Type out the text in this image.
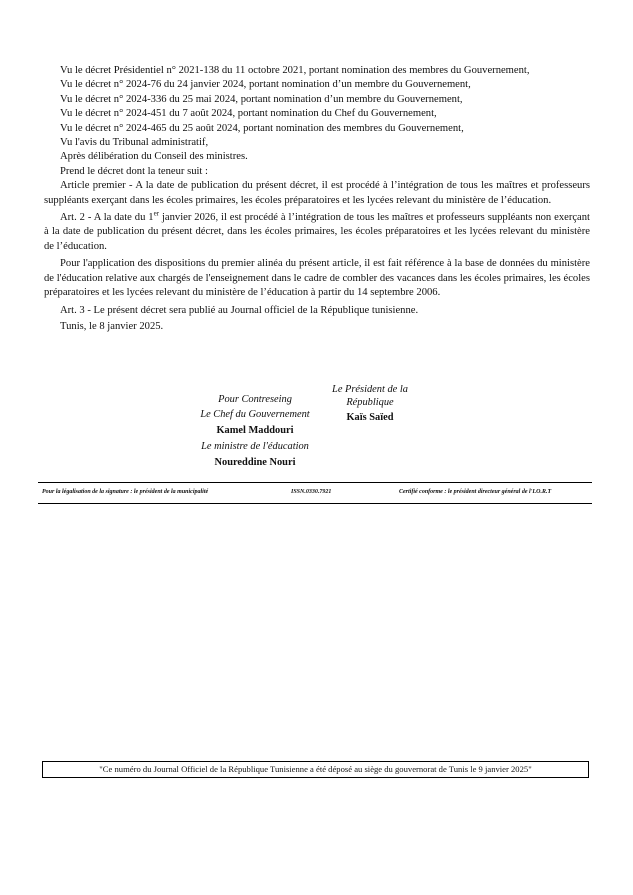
Vu le décret Présidentiel n° 2021-138 du 11 octobre 2021, portant nomination des membres du Gouvernement,
Vu le décret n° 2024-76 du 24 janvier 2024, portant nomination d’un membre du Gouvernement,
Vu le décret n° 2024-336 du 25 mai 2024, portant nomination d’un membre du Gouvernement,
Vu le décret n° 2024-451 du 7 août 2024, portant nomination du Chef du Gouvernement,
Vu le décret n° 2024-465 du 25 août 2024, portant nomination des membres du Gouvernement,
Vu l'avis du Tribunal administratif,
Après délibération du Conseil des ministres.
Prend le décret dont la teneur suit :

Article premier - A la date de publication du présent décret, il est procédé à l’intégration de tous les maîtres et professeurs suppléants exerçant dans les écoles primaires, les écoles préparatoires et les lycées relevant du ministère de l’éducation.

Art. 2 - A la date du 1er janvier 2026, il est procédé à l’intégration de tous les maîtres et professeurs suppléants non exerçant à la date de publication du présent décret, dans les écoles primaires, les écoles préparatoires et les lycées relevant du ministère de l’éducation.

Pour l'application des dispositions du premier alinéa du présent article, il est fait référence à la base de données du ministère de l'éducation relative aux chargés de l'enseignement dans le cadre de combler des vacances dans les écoles primaires, les écoles préparatoires et les lycées relevant du ministère de l’éducation à partir du 14 septembre 2006.

Art. 3 - Le présent décret sera publié au Journal officiel de la République tunisienne.
Tunis, le 8 janvier 2025.
Pour Contreseing
Le Chef du Gouvernement
Kamel Maddouri
Le ministre de l'éducation
Noureddine Nouri
Le Président de la République
Kaïs Saïed
Pour la légalisation de la signature : le président de la municipalité	ISSN.0330.7921	Certifié conforme : le président directeur général de l'I.O.R.T
"Ce numéro du Journal Officiel de la République Tunisienne a été déposé au siège du gouvernorat de Tunis le 9 janvier 2025"
